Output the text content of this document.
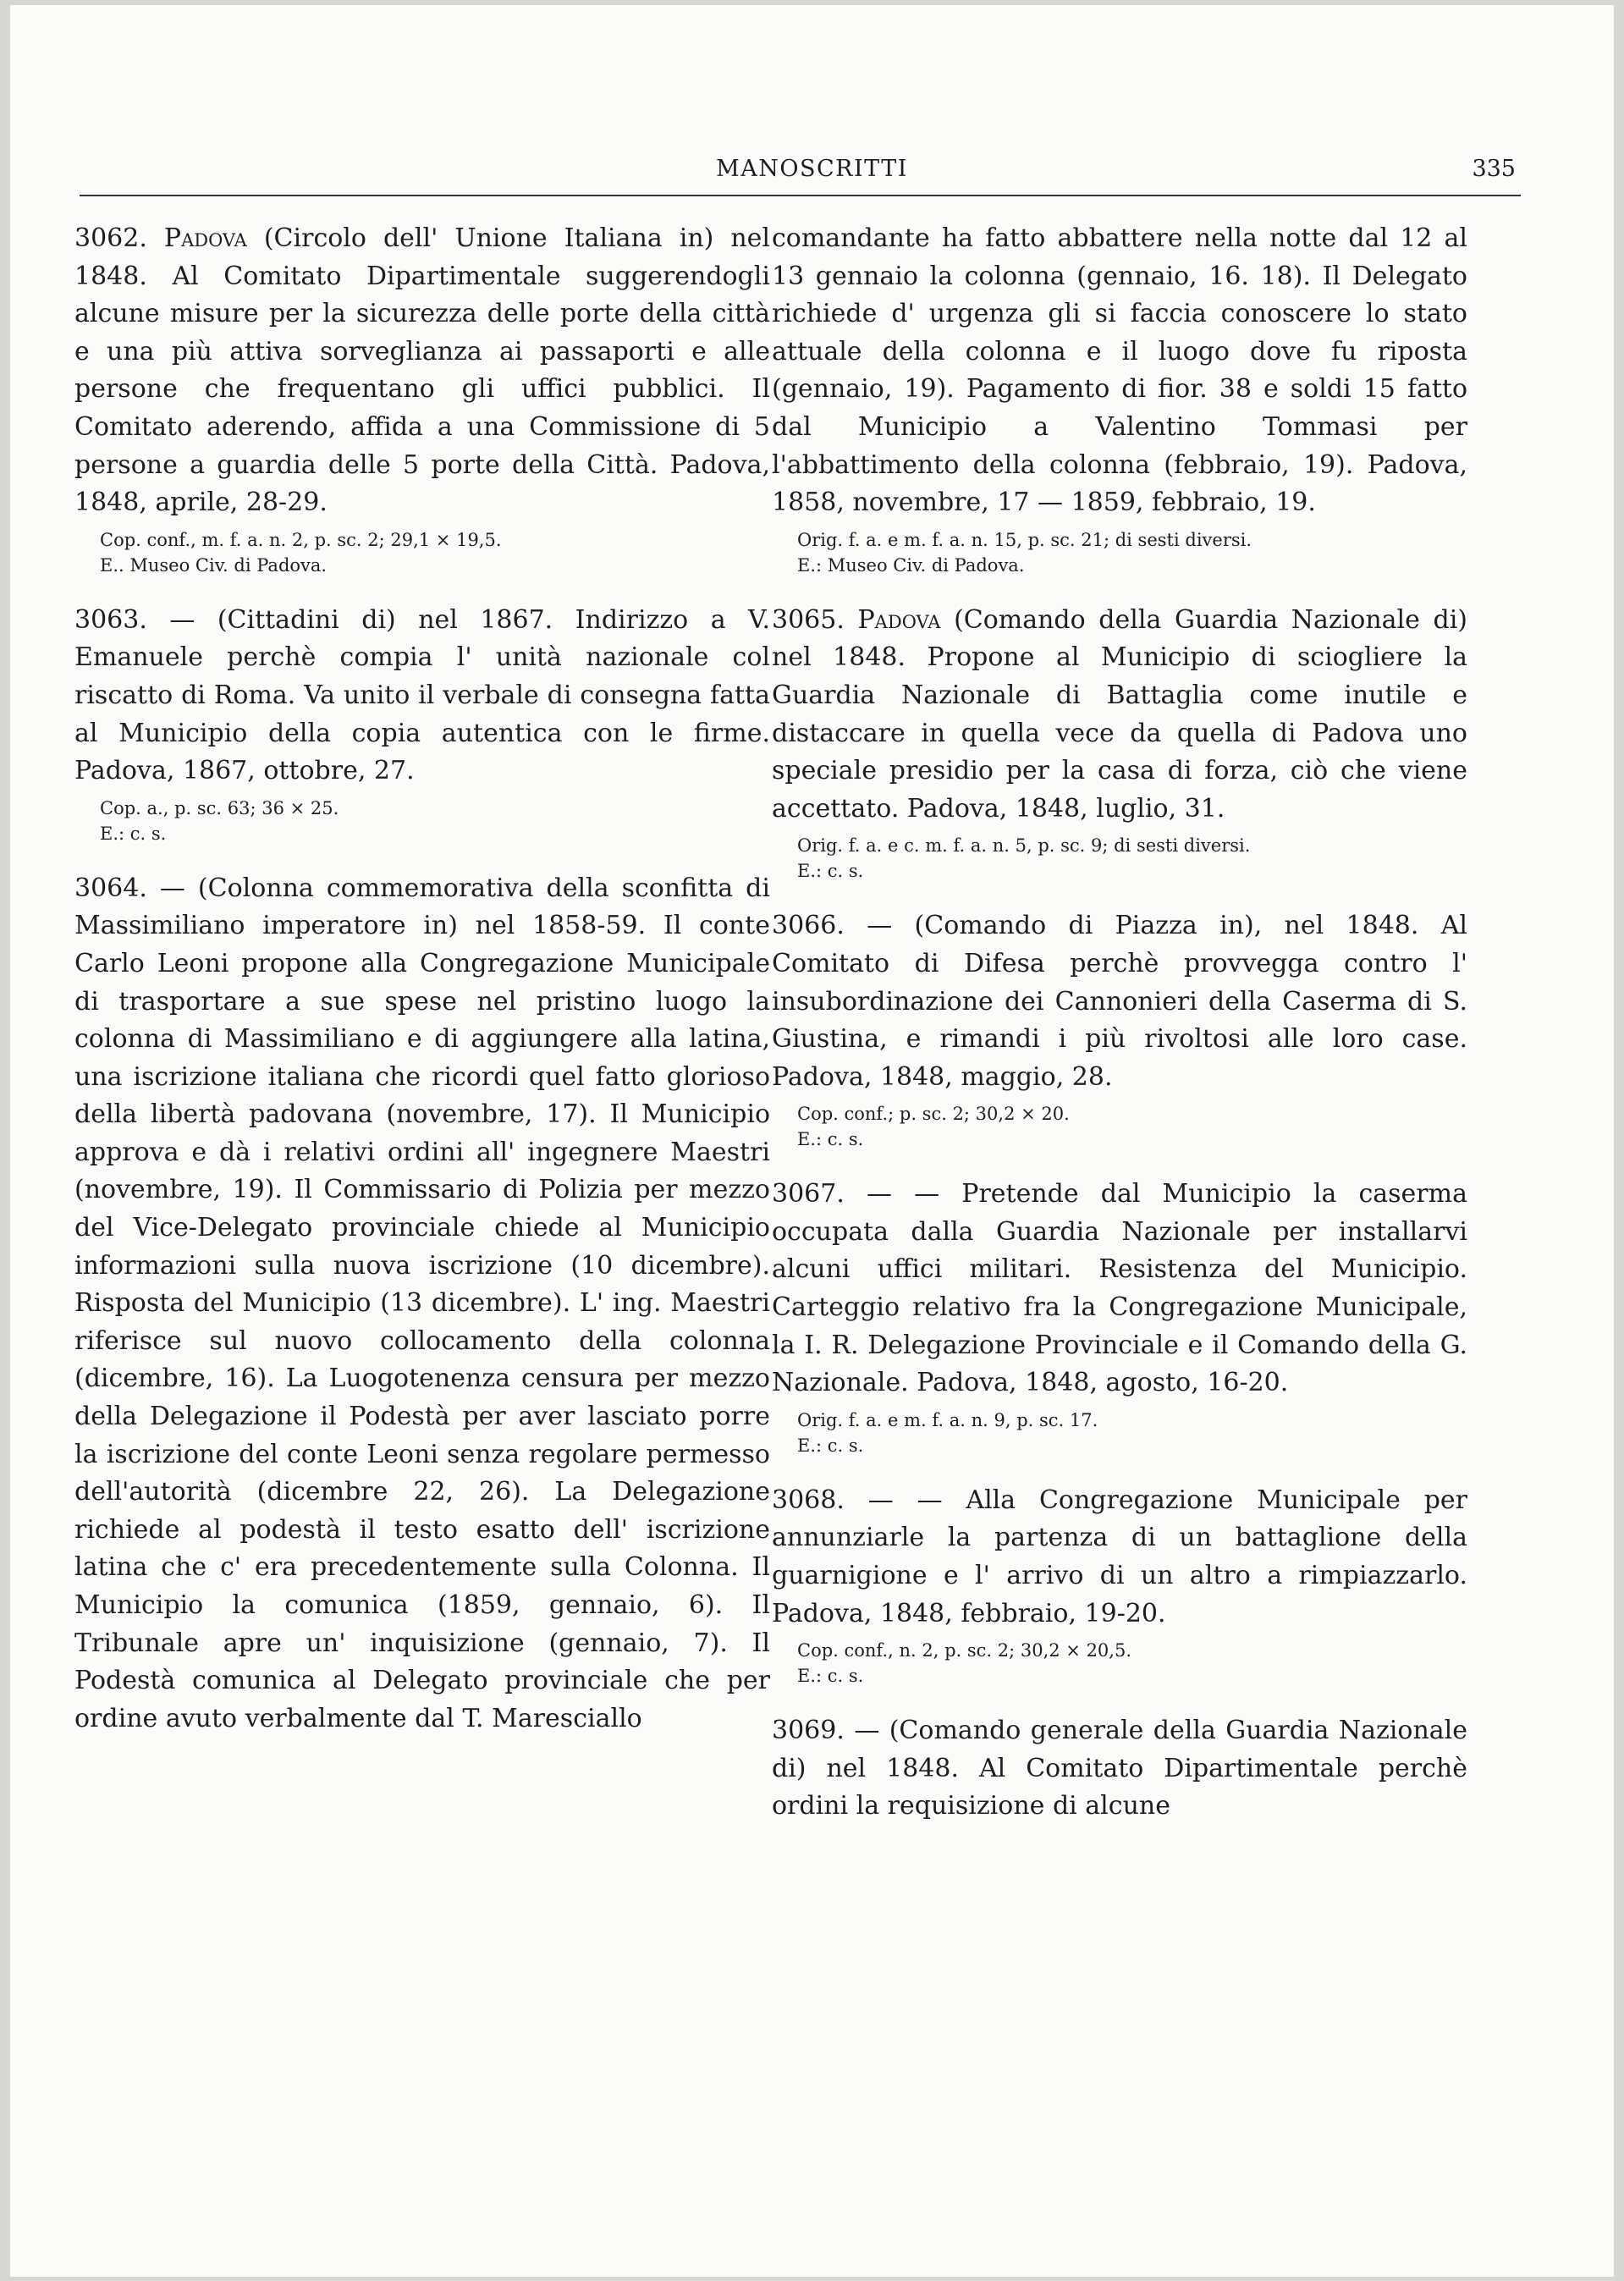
MANOSCRITTI	335

3062. Padova (Circolo dell' Unione Italiana in) nel 1848. Al Comitato Dipartimentale suggerendogli alcune misure per la sicurezza delle porte della città e una più attiva sorveglianza ai passaporti e alle persone che frequentano gli uffici pubblici. Il Comitato aderendo, affida a una Commissione di 5 persone a guardia delle 5 porte della Città. Padova, 1848, aprile, 28-29.

Cop. conf., m. f. a. n. 2, p. sc. 2; 29,1 × 19,5.
E.. Museo Civ. di Padova.

3063. — (Cittadini di) nel 1867. Indirizzo a V. Emanuele perchè compia l' unità nazionale col riscatto di Roma. Va unito il verbale di consegna fatta al Municipio della copia autentica con le firme. Padova, 1867, ottobre, 27.

Cop. a., p. sc. 63; 36 × 25.
E.: c. s.

3064. — (Colonna commemorativa della sconfitta di Massimiliano imperatore in) nel 1858-59. Il conte Carlo Leoni propone alla Congregazione Municipale di trasportare a sue spese nel pristino luogo la colonna di Massimiliano e di aggiungere alla latina, una iscrizione italiana che ricordi quel fatto glorioso della libertà padovana (novembre, 17). Il Municipio approva e dà i relativi ordini all' ingegnere Maestri (novembre, 19). Il Commissario di Polizia per mezzo del Vice-Delegato provinciale chiede al Municipio informazioni sulla nuova iscrizione (10 dicembre). Risposta del Municipio (13 dicembre). L' ing. Maestri riferisce sul nuovo collocamento della colonna (dicembre, 16). La Luogotenenza censura per mezzo della Delegazione il Podestà per aver lasciato porre la iscrizione del conte Leoni senza regolare permesso dell'autorità (dicembre 22, 26). La Delegazione richiede al podestà il testo esatto dell' iscrizione latina che c' era precedentemente sulla Colonna. Il Municipio la comunica (1859, gennaio, 6). Il Tribunale apre un' inquisizione (gennaio, 7). Il Podestà comunica al Delegato provinciale che per ordine avuto verbalmente dal T. Maresciallo

comandante ha fatto abbattere nella notte dal 12 al 13 gennaio la colonna (gennaio, 16. 18). Il Delegato richiede d' urgenza gli si faccia conoscere lo stato attuale della colonna e il luogo dove fu riposta (gennaio, 19). Pagamento di fior. 38 e soldi 15 fatto dal Municipio a Valentino Tommasi per l'abbattimento della colonna (febbraio, 19). Padova, 1858, novembre, 17 — 1859, febbraio, 19.

Orig. f. a. e m. f. a. n. 15, p. sc. 21; di sesti diversi.
E.: Museo Civ. di Padova.

3065. Padova (Comando della Guardia Nazionale di) nel 1848. Propone al Municipio di sciogliere la Guardia Nazionale di Battaglia come inutile e distaccare in quella vece da quella di Padova uno speciale presidio per la casa di forza, ciò che viene accettato. Padova, 1848, luglio, 31.

Orig. f. a. e c. m. f. a. n. 5, p. sc. 9; di sesti diversi.
E.: c. s.

3066. — (Comando di Piazza in), nel 1848. Al Comitato di Difesa perchè provvegga contro l' insubordinazione dei Cannonieri della Caserma di S. Giustina, e rimandi i più rivoltosi alle loro case. Padova, 1848, maggio, 28.

Cop. conf.; p. sc. 2; 30,2 × 20.
E.: c. s.

3067. — — Pretende dal Municipio la caserma occupata dalla Guardia Nazionale per installarvi alcuni uffici militari. Resistenza del Municipio. Carteggio relativo fra la Congregazione Municipale, la I. R. Delegazione Provinciale e il Comando della G. Nazionale. Padova, 1848, agosto, 16-20.

Orig. f. a. e m. f. a. n. 9, p. sc. 17.
E.: c. s.

3068. — — Alla Congregazione Municipale per annunziarle la partenza di un battaglione della guarnigione e l' arrivo di un altro a rimpiazzarlo. Padova, 1848, febbraio, 19-20.

Cop. conf., n. 2, p. sc. 2; 30,2 × 20,5.
E.: c. s.

3069. — (Comando generale della Guardia Nazionale di) nel 1848. Al Comitato Dipartimentale perchè ordini la requisizione di alcune
